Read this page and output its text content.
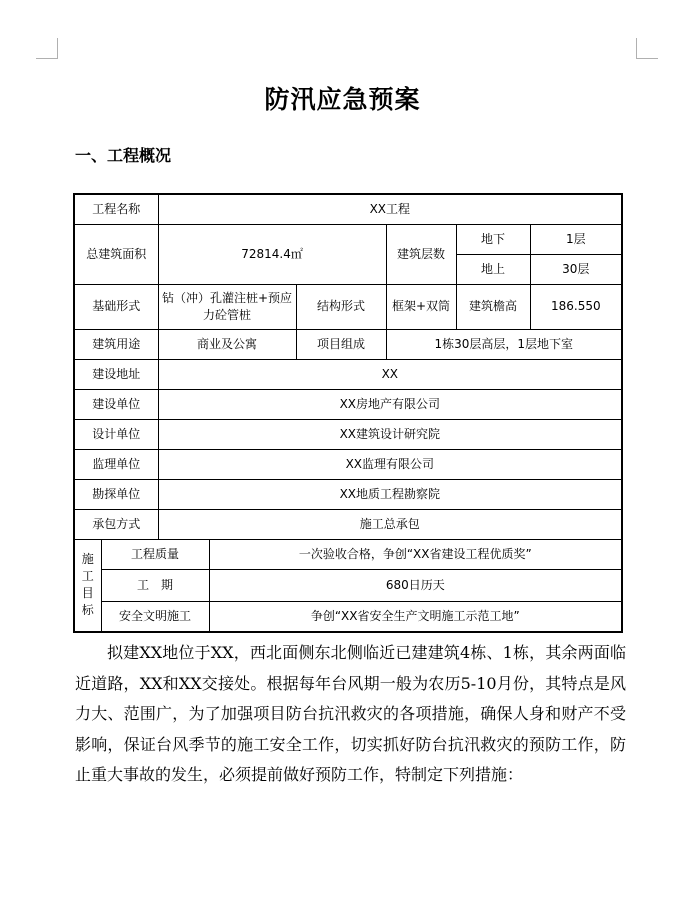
防汛应急预案
一、工程概况
工程名称		XX工程					
总建筑面积		72814.4㎡			建筑层数	地下	1层
						地上	30层
基础形式		钻（冲）孔灌注桩+预应力砼管桩		结构形式	框架+双筒	建筑檐高	186.550
建筑用途		商业及公寓		项目组成	1栋30层高层，1层地下室		
建设地址		XX					
建设单位		XX房地产有限公司					
设计单位		XX建筑设计研究院					
监理单位		XX监理有限公司					
勘探单位		XX地质工程勘察院					
承包方式		施工总承包					

施
工
目
标	工程质量		一次验收合格，争创“XX省建设工程优质奖”				
	工　期		680日历天				
	安全文明施工		争创“XX省安全生产文明施工示范工地”				

拟建XX地位于XX，西北面侧东北侧临近已建建筑4栋、1栋，其余两面临近道路，XX和XX交接处。根据每年台风期一般为农历5-10月份，其特点是风力大、范围广，为了加强项目防台抗汛救灾的各项措施，确保人身和财产不受影响，保证台风季节的施工安全工作，切实抓好防台抗汛救灾的预防工作，防止重大事故的发生，必须提前做好预防工作，特制定下列措施：
